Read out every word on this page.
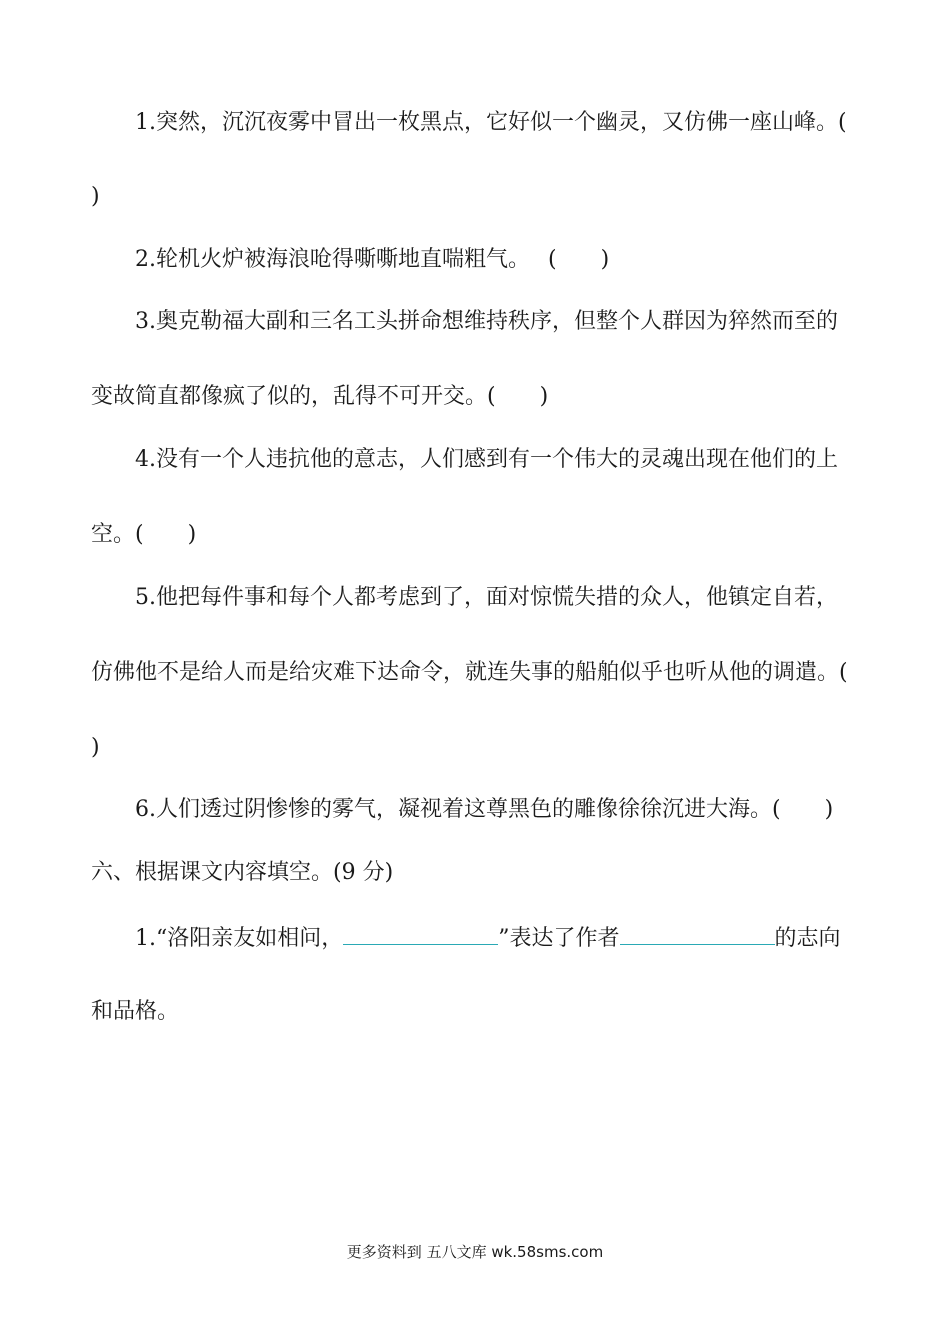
1.突然，沉沉夜雾中冒出一枚黑点，它好似一个幽灵，又仿佛一座山峰。(
)
2.轮机火炉被海浪呛得嘶嘶地直喘粗气。　 (　　)
3.奥克勒福大副和三名工头拼命想维持秩序，但整个人群因为猝然而至的
变故简直都像疯了似的，乱得不可开交。(　　)
4.没有一个人违抗他的意志，人们感到有一个伟大的灵魂出现在他们的上
空。(　　)
5.他把每件事和每个人都考虑到了，面对惊慌失措的众人，他镇定自若，
仿佛他不是给人而是给灾难下达命令，就连失事的船舶似乎也听从他的调遣。(
)
6.人们透过阴惨惨的雾气，凝视着这尊黑色的雕像徐徐沉进大海。(　　)
六、根据课文内容填空。(9 分)
1.“洛阳亲友如相问，	”表达了作者	的志向
和品格。
更多资料到 五八文库 wk.58sms.com
